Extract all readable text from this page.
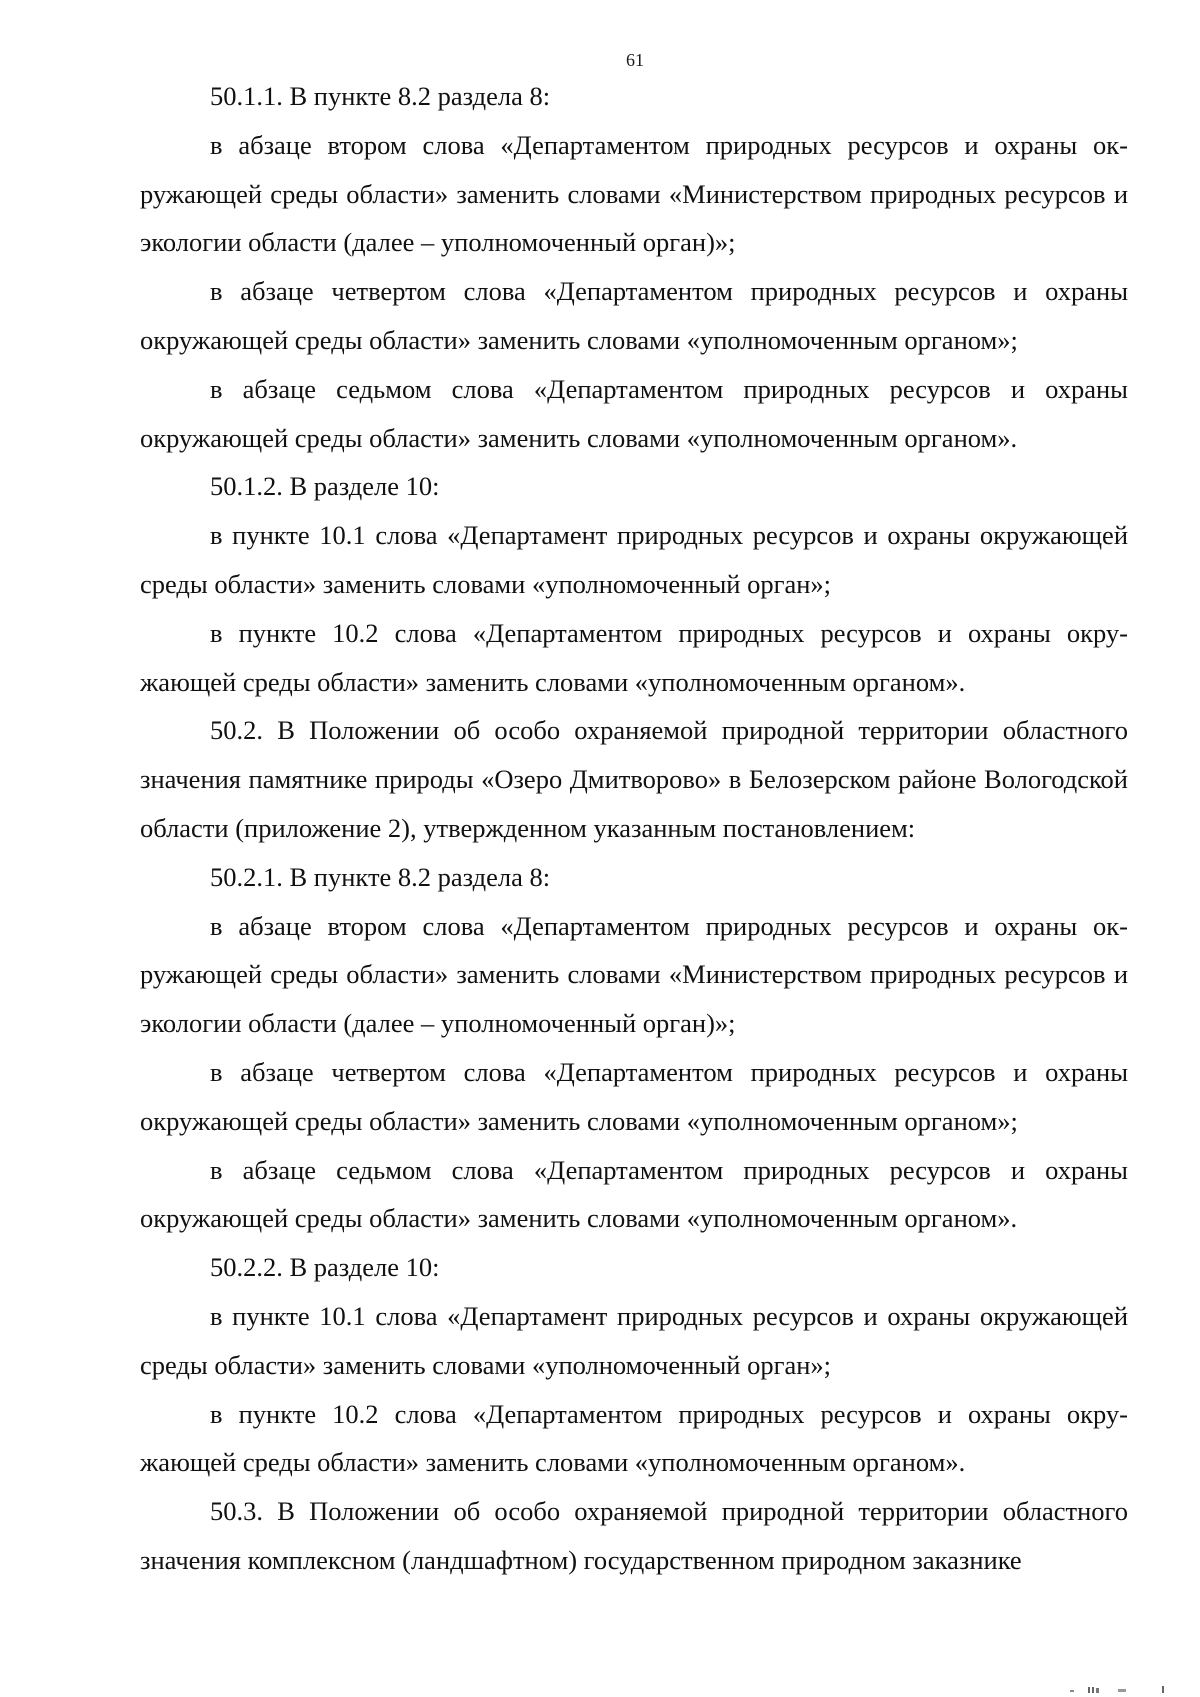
61

50.1.1. В пункте 8.2 раздела 8:

в абзаце втором слова «Департаментом природных ресурсов и охраны окружающей среды области» заменить словами «Министерством природных ресурсов и экологии области (далее – уполномоченный орган)»;

в абзаце четвертом слова «Департаментом природных ресурсов и охраны окружающей среды области» заменить словами «уполномоченным органом»;

в абзаце седьмом слова «Департаментом природных ресурсов и охраны окружающей среды области» заменить словами «уполномоченным органом».

50.1.2. В разделе 10:

в пункте 10.1 слова «Департамент природных ресурсов и охраны окружающей среды области» заменить словами «уполномоченный орган»;

в пункте 10.2 слова «Департаментом природных ресурсов и охраны окружающей среды области» заменить словами «уполномоченным органом».

50.2. В Положении об особо охраняемой природной территории областного значения памятнике природы «Озеро Дмитворово» в Белозерском районе Вологодской области (приложение 2), утвержденном указанным постановлением:

50.2.1. В пункте 8.2 раздела 8:

в абзаце втором слова «Департаментом природных ресурсов и охраны окружающей среды области» заменить словами «Министерством природных ресурсов и экологии области (далее – уполномоченный орган)»;

в абзаце четвертом слова «Департаментом природных ресурсов и охраны окружающей среды области» заменить словами «уполномоченным органом»;

в абзаце седьмом слова «Департаментом природных ресурсов и охраны окружающей среды области» заменить словами «уполномоченным органом».

50.2.2. В разделе 10:

в пункте 10.1 слова «Департамент природных ресурсов и охраны окружающей среды области» заменить словами «уполномоченный орган»;

в пункте 10.2 слова «Департаментом природных ресурсов и охраны окружающей среды области» заменить словами «уполномоченным органом».

50.3. В Положении об особо охраняемой природной территории областного значения комплексном (ландшафтном) государственном природном заказнике
